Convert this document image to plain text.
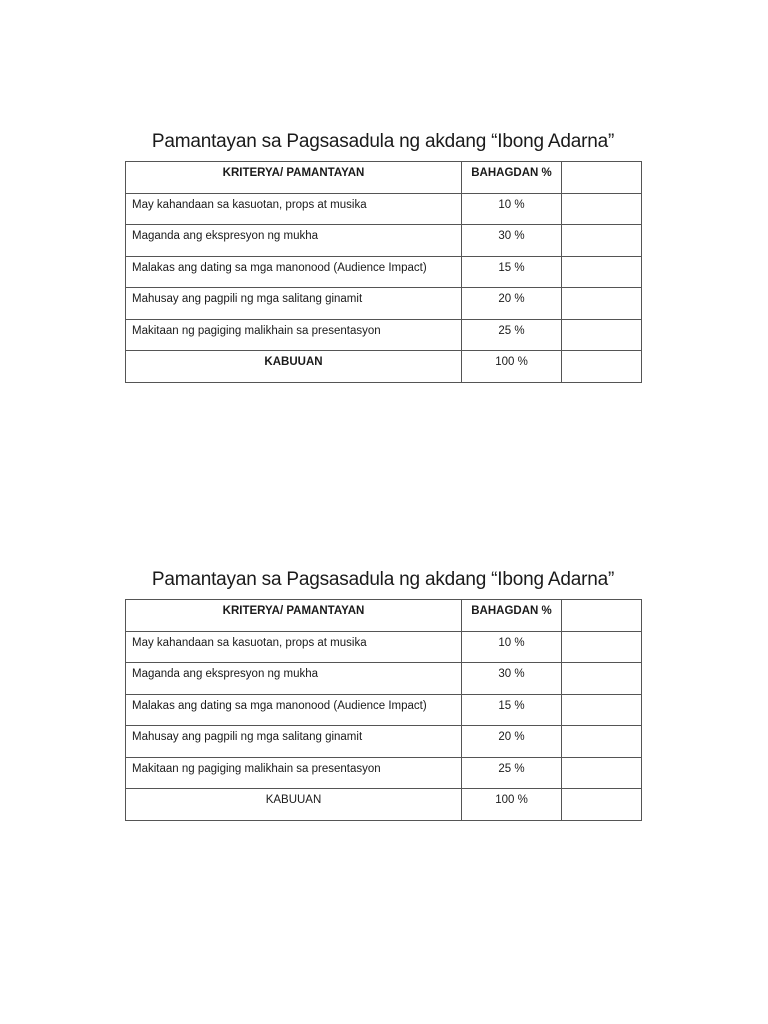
Pamantayan sa Pagsasadula ng akdang “Ibong Adarna”
KRITERYA/ PAMANTAYAN	BAHAGDAN %	
May kahandaan sa kasuotan, props at musika	10 %	
Maganda ang ekspresyon ng mukha	30 %	
Malakas ang dating sa mga manonood (Audience Impact)	15 %	
Mahusay ang pagpili ng mga salitang ginamit	20 %	
Makitaan ng pagiging malikhain sa presentasyon	25 %	
KABUUAN	100 %	
Pamantayan sa Pagsasadula ng akdang “Ibong Adarna”
KRITERYA/ PAMANTAYAN	BAHAGDAN %	
May kahandaan sa kasuotan, props at musika	10 %	
Maganda ang ekspresyon ng mukha	30 %	
Malakas ang dating sa mga manonood (Audience Impact)	15 %	
Mahusay ang pagpili ng mga salitang ginamit	20 %	
Makitaan ng pagiging malikhain sa presentasyon	25 %	
KABUUAN	100 %	
